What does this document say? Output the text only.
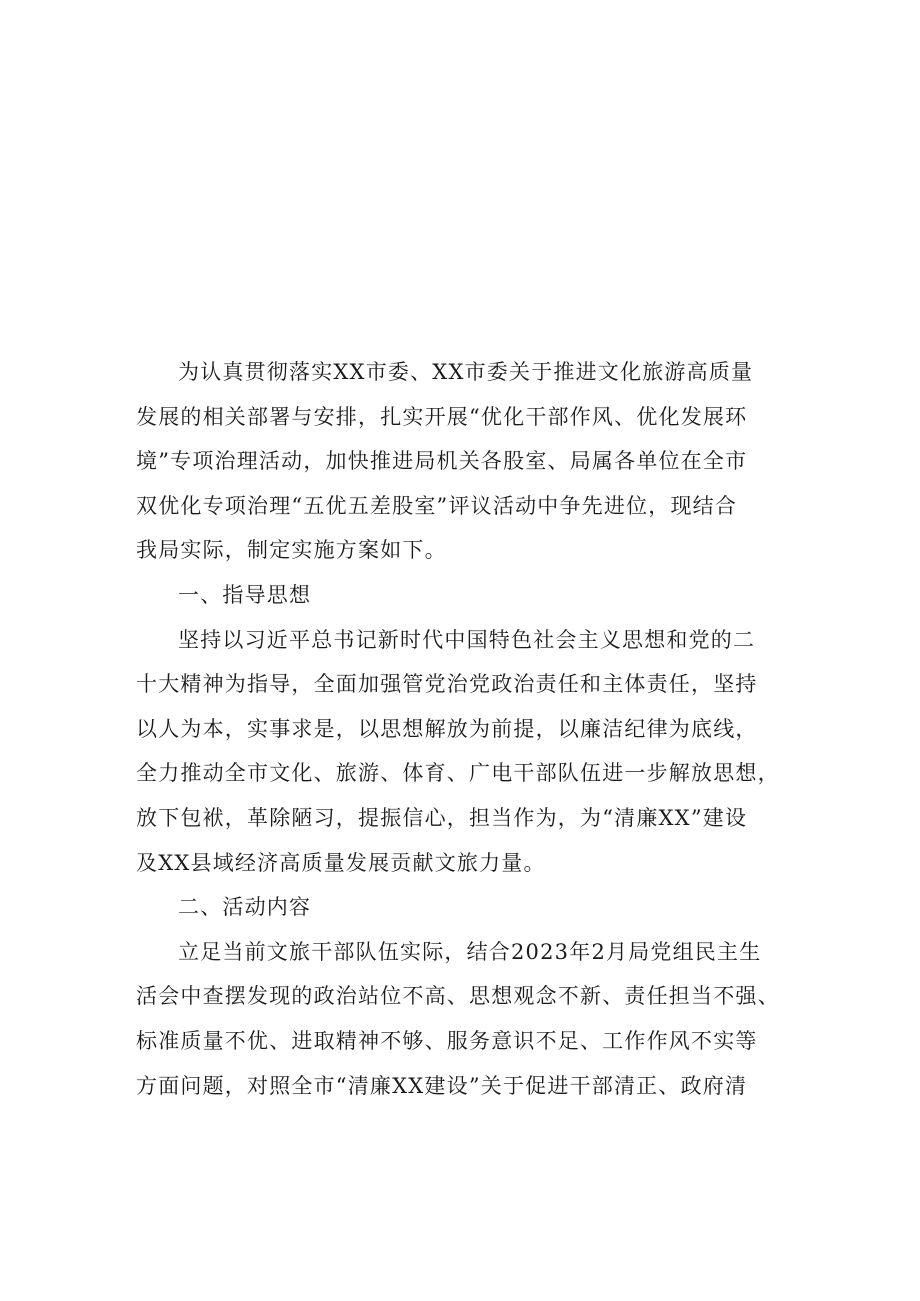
为认真贯彻落实XX市委、XX市委关于推进文化旅游高质量
发展的相关部署与安排，扎实开展“优化干部作风、优化发展环
境”专项治理活动，加快推进局机关各股室、局属各单位在全市
双优化专项治理“五优五差股室”评议活动中争先进位，现结合
我局实际，制定实施方案如下。
一、指导思想
坚持以习近平总书记新时代中国特色社会主义思想和党的二
十大精神为指导，全面加强管党治党政治责任和主体责任，坚持
以人为本，实事求是，以思想解放为前提，以廉洁纪律为底线，
全力推动全市文化、旅游、体育、广电干部队伍进一步解放思想，
放下包袱，革除陋习，提振信心，担当作为，为“清廉XX”建设
及XX县域经济高质量发展贡献文旅力量。
二、活动内容
立足当前文旅干部队伍实际，结合2023年2月局党组民主生
活会中查摆发现的政治站位不高、思想观念不新、责任担当不强、
标准质量不优、进取精神不够、服务意识不足、工作作风不实等
方面问题，对照全市“清廉XX建设”关于促进干部清正、政府清
